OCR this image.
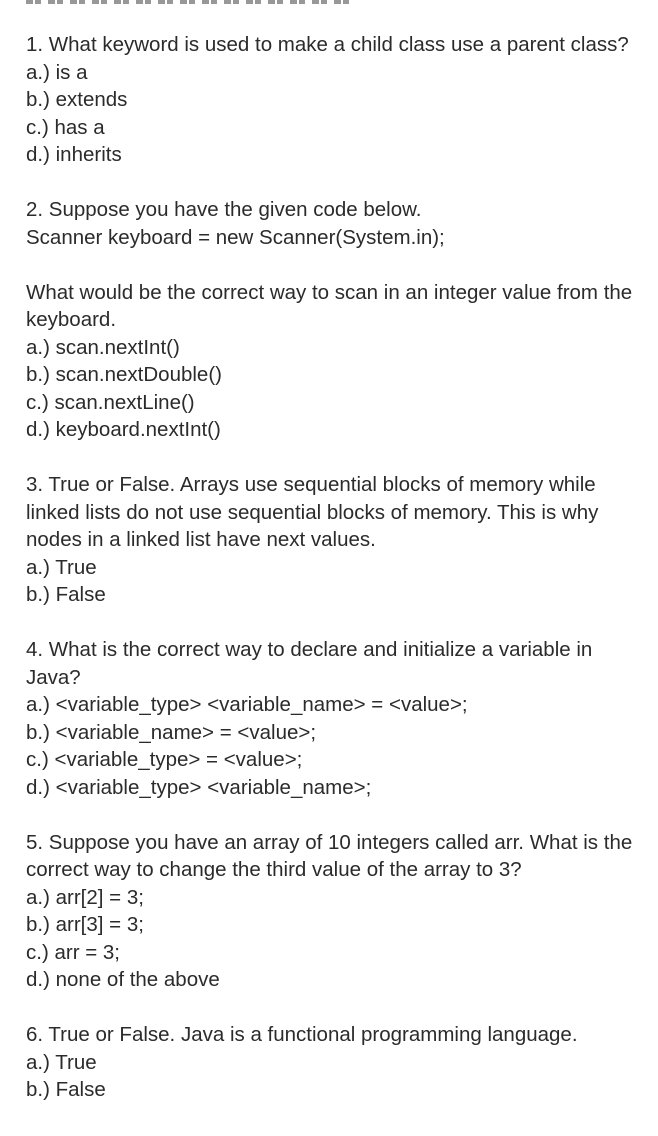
1. What keyword is used to make a child class use a parent class?

a.) is a
b.) extends
c.) has a
d.) inherits

2. Suppose you have the given code below.
Scanner keyboard = new Scanner(System.in);

What would be the correct way to scan in an integer value from the keyboard.

a.) scan.nextInt()
b.) scan.nextDouble()
c.) scan.nextLine()
d.) keyboard.nextInt()

3. True or False. Arrays use sequential blocks of memory while linked lists do not use sequential blocks of memory. This is why nodes in a linked list have next values.

a.) True
b.) False

4. What is the correct way to declare and initialize a variable in Java?

a.) <variable_type> <variable_name> = <value>;
b.) <variable_name> = <value>;
c.) <variable_type> = <value>;
d.) <variable_type> <variable_name>;

5. Suppose you have an array of 10 integers called arr. What is the correct way to change the third value of the array to 3?

a.) arr[2] = 3;
b.) arr[3] = 3;
c.) arr = 3;
d.) none of the above

6. True or False. Java is a functional programming language.

a.) True
b.) False
